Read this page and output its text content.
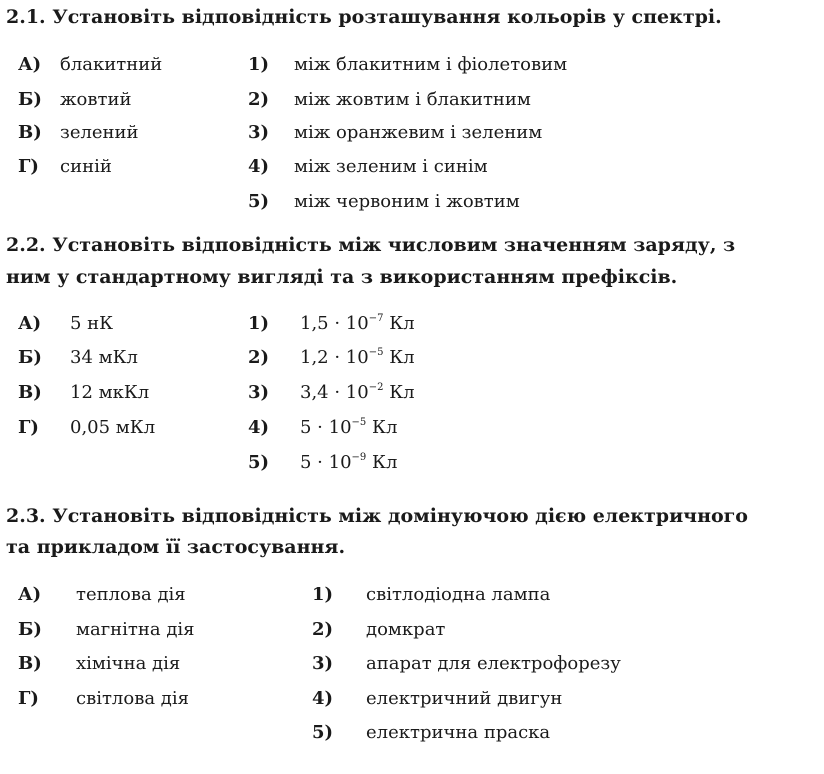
2.1. Установіть відповідність розташування кольорів у спектрі.
А) блакитний
Б) жовтий
В) зелений
Г) синій
1) між блакитним і фіолетовим
2) між жовтим і блакитним
3) між оранжевим і зеленим
4) між зеленим і синім
5) між червоним і жовтим
2.2. Установіть відповідність між числовим значенням заряду, з
ним у стандартному вигляді та з використанням префіксів.
А) 5 нК
Б) 34 мКл
В) 12 мкКл
Г) 0,05 мКл
1) $1,5 \cdot 10^{-7}$ Кл
2) $1,2 \cdot 10^{-5}$ Кл
3) $3,4 \cdot 10^{-2}$ Кл
4) $5 \cdot 10^{-5}$ Кл
5) $5 \cdot 10^{-9}$ Кл
2.3. Установіть відповідність між домінуючою дією електричного
та прикладом її застосування.
А) теплова дія
Б) магнітна дія
В) хімічна дія
Г) світлова дія
1) світлодіодна лампа
2) домкрат
3) апарат для електрофорезу
4) електричний двигун
5) електрична праска
